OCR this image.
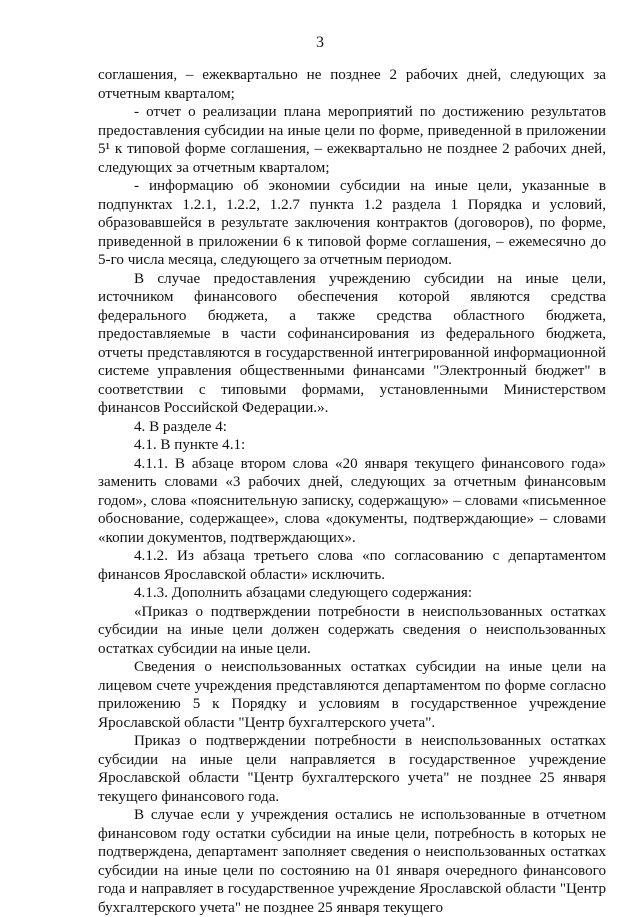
3

соглашения, – ежеквартально не позднее 2 рабочих дней, следующих за отчетным кварталом;

- отчет о реализации плана мероприятий по достижению результатов предоставления субсидии на иные цели по форме, приведенной в приложении 5¹ к типовой форме соглашения, – ежеквартально не позднее 2 рабочих дней, следующих за отчетным кварталом;

- информацию об экономии субсидии на иные цели, указанные в подпунктах 1.2.1, 1.2.2, 1.2.7 пункта 1.2 раздела 1 Порядка и условий, образовавшейся в результате заключения контрактов (договоров), по форме, приведенной в приложении 6 к типовой форме соглашения, – ежемесячно до 5-го числа месяца, следующего за отчетным периодом.

В случае предоставления учреждению субсидии на иные цели, источником финансового обеспечения которой являются средства федерального бюджета, а также средства областного бюджета, предоставляемые в части софинансирования из федерального бюджета, отчеты представляются в государственной интегрированной информационной системе управления общественными финансами "Электронный бюджет" в соответствии с типовыми формами, установленными Министерством финансов Российской Федерации.».

4. В разделе 4:

4.1. В пункте 4.1:

4.1.1. В абзаце втором слова «20 января текущего финансового года» заменить словами «3 рабочих дней, следующих за отчетным финансовым годом», слова «пояснительную записку, содержащую» – словами «письменное обоснование, содержащее», слова «документы, подтверждающие» – словами «копии документов, подтверждающих».

4.1.2. Из абзаца третьего слова «по согласованию с департаментом финансов Ярославской области» исключить.

4.1.3. Дополнить абзацами следующего содержания:

«Приказ о подтверждении потребности в неиспользованных остатках субсидии на иные цели должен содержать сведения о неиспользованных остатках субсидии на иные цели.

Сведения о неиспользованных остатках субсидии на иные цели на лицевом счете учреждения представляются департаментом по форме согласно приложению 5 к Порядку и условиям в государственное учреждение Ярославской области "Центр бухгалтерского учета".

Приказ о подтверждении потребности в неиспользованных остатках субсидии на иные цели направляется в государственное учреждение Ярославской области "Центр бухгалтерского учета" не позднее 25 января текущего финансового года.

В случае если у учреждения остались не использованные в отчетном финансовом году остатки субсидии на иные цели, потребность в которых не подтверждена, департамент заполняет сведения о неиспользованных остатках субсидии на иные цели по состоянию на 01 января очередного финансового года и направляет в государственное учреждение Ярославской области "Центр бухгалтерского учета" не позднее 25 января текущего
